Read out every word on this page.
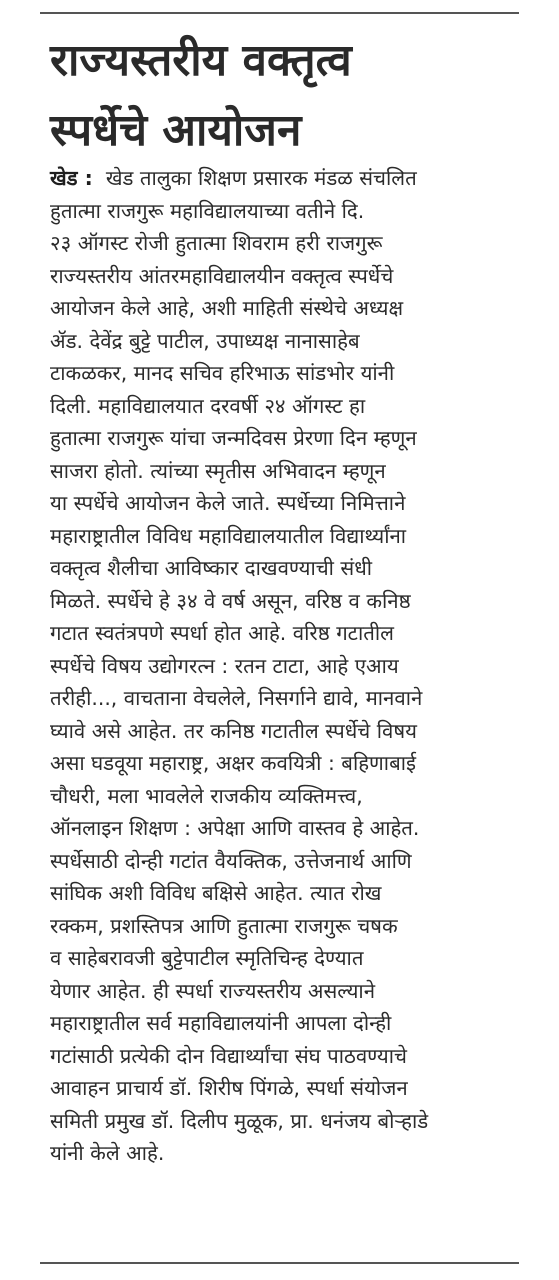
राज्यस्तरीय वक्तृत्व
स्पर्धेचे आयोजन
खेड : खेड तालुका शिक्षण प्रसारक मंडळ संचलित
हुतात्मा राजगुरू महाविद्यालयाच्या वतीने दि.
२३ ऑगस्ट रोजी हुतात्मा शिवराम हरी राजगुरू
राज्यस्तरीय आंतरमहाविद्यालयीन वक्तृत्व स्पर्धेचे
आयोजन केले आहे, अशी माहिती संस्थेचे अध्यक्ष
ॲड. देवेंद्र बुट्टे पाटील, उपाध्यक्ष नानासाहेब
टाकळकर, मानद सचिव हरिभाऊ सांडभोर यांनी
दिली. महाविद्यालयात दरवर्षी २४ ऑगस्ट हा
हुतात्मा राजगुरू यांचा जन्मदिवस प्रेरणा दिन म्हणून
साजरा होतो. त्यांच्या स्मृतीस अभिवादन म्हणून
या स्पर्धेचे आयोजन केले जाते. स्पर्धेच्या निमित्ताने
महाराष्ट्रातील विविध महाविद्यालयातील विद्यार्थ्यांना
वक्तृत्व शैलीचा आविष्कार दाखवण्याची संधी
मिळते. स्पर्धेचे हे ३४ वे वर्ष असून, वरिष्ठ व कनिष्ठ
गटात स्वतंत्रपणे स्पर्धा होत आहे. वरिष्ठ गटातील
स्पर्धेचे विषय उद्योगरत्न : रतन टाटा, आहे एआय
तरीही..., वाचताना वेचलेले, निसर्गाने द्यावे, मानवाने
घ्यावे असे आहेत. तर कनिष्ठ गटातील स्पर्धेचे विषय
असा घडवूया महाराष्ट्र, अक्षर कवयित्री : बहिणाबाई
चौधरी, मला भावलेले राजकीय व्यक्तिमत्त्व,
ऑनलाइन शिक्षण : अपेक्षा आणि वास्तव हे आहेत.
स्पर्धेसाठी दोन्ही गटांत वैयक्तिक, उत्तेजनार्थ आणि
सांघिक अशी विविध बक्षिसे आहेत. त्यात रोख
रक्कम, प्रशस्तिपत्र आणि हुतात्मा राजगुरू चषक
व साहेबरावजी बुट्टेपाटील स्मृतिचिन्ह देण्यात
येणार आहेत. ही स्पर्धा राज्यस्तरीय असल्याने
महाराष्ट्रातील सर्व महाविद्यालयांनी आपला दोन्ही
गटांसाठी प्रत्येकी दोन विद्यार्थ्यांचा संघ पाठवण्याचे
आवाहन प्राचार्य डॉ. शिरीष पिंगळे, स्पर्धा संयोजन
समिती प्रमुख डॉ. दिलीप मुळूक, प्रा. धनंजय बोऱ्हाडे
यांनी केले आहे.
